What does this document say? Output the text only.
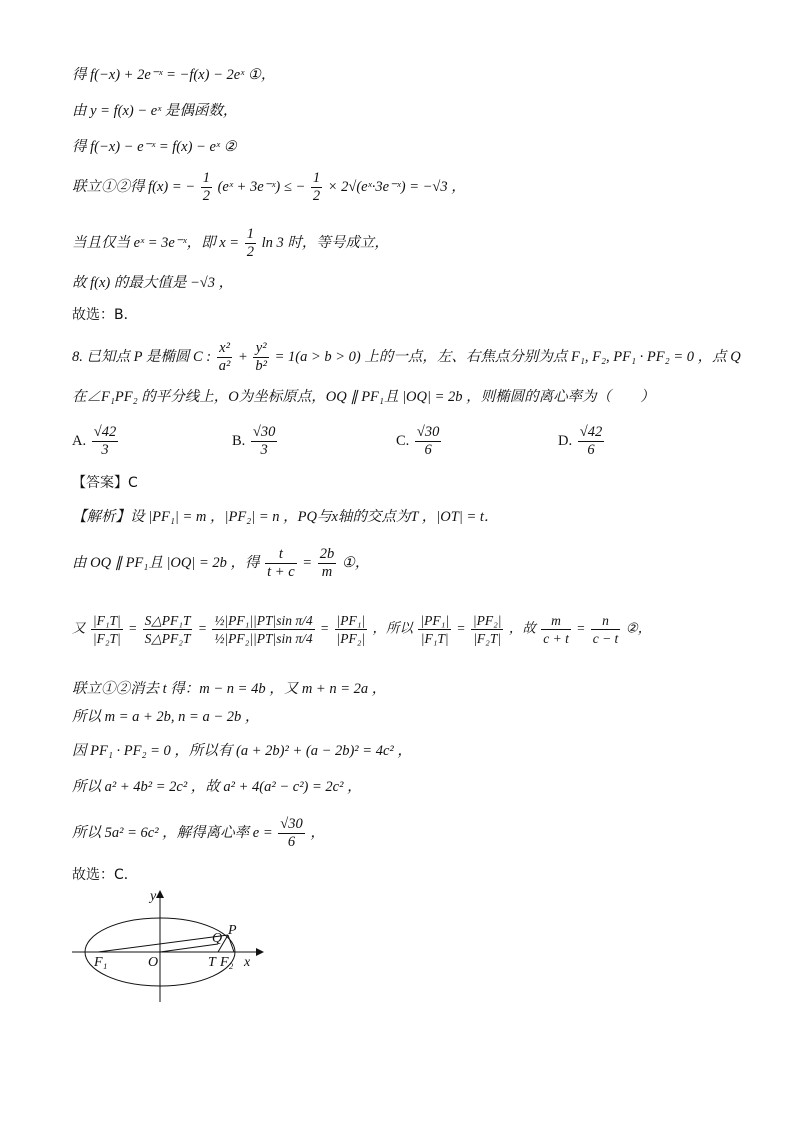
得 f(−x) + 2e⁻ˣ = −f(x) − 2eˣ ①，
由 y = f(x) − eˣ 是偶函数，
得 f(−x) − e⁻ˣ = f(x) − eˣ ②
联立①②得 f(x) = − $\frac{1}{2}$ (eˣ + 3e⁻ˣ) ≤ − $\frac{1}{2}$ × 2√(eˣ·3e⁻ˣ) = −√3 ，
当且仅当 eˣ = 3e⁻ˣ，即 $x = \frac{1}{2}$ ln 3 时，等号成立，
故 f(x) 的最大值是 −√3 ，
故选：B．
8. 已知点 P 是椭圆 C : $\frac{\text{x²}}{\text{a²}} + \frac{\text{y²}}{\text{b²}} = 1(a > b > 0)$ 上的一点，左、右焦点分别为点 F₁, F₂, PF₁ · PF₂ = 0 ，点 Q
在∠F₁PF₂ 的平分线上，O为坐标原点，OQ ∥ PF₁且 |OQ| = 2b ，则椭圆的离心率为（　　）
A. $\frac{√42}{3}$	B. $\frac{√30}{3}$	C. $\frac{√30}{6}$	D. $\frac{√42}{6}$
【答案】C
【解析】设 |PF₁| = m ，|PF₂| = n ，PQ与x轴的交点为T ，|OT| = t．
由 OQ ∥ PF₁且 |OQ| = 2b ，得 $\frac{t}{t + c} = \frac{2b}{m}$ ①，
又 $\frac{\text{|F₁T|}}{\text{|F₂T|}} = \frac{\text{S△PF₁T}}{\text{S△PF₂T}} = \frac{\text{½|PF₁||PT|sin π/4}}{\text{½|PF₂||PT|sin π/4}} = \frac{\text{|PF₁|}}{\text{|PF₂|}}$ ，所以 $\frac{\text{|PF₁|}}{\text{|F₁T|}} = \frac{\text{|PF₂|}}{\text{|F₂T|}}$ ，故 $\frac{m}{c + t} = \frac{n}{c - t}$ ②，
联立①②消去 t 得：m − n = 4b ，又 m + n = 2a ，
所以 m = a + 2b, n = a − 2b ，
因 PF₁ · PF₂ = 0 ，所以有 (a + 2b)² + (a − 2b)² = 4c² ，
所以 a² + 4b² = 2c² ，故 a² + 4(a² − c²) = 2c² ，
所以 5a² = 6c² ，解得离心率 $e = \frac{√30}{6}$ ，
故选：C．
y
x
P
Q
F₁	O	T F₂
